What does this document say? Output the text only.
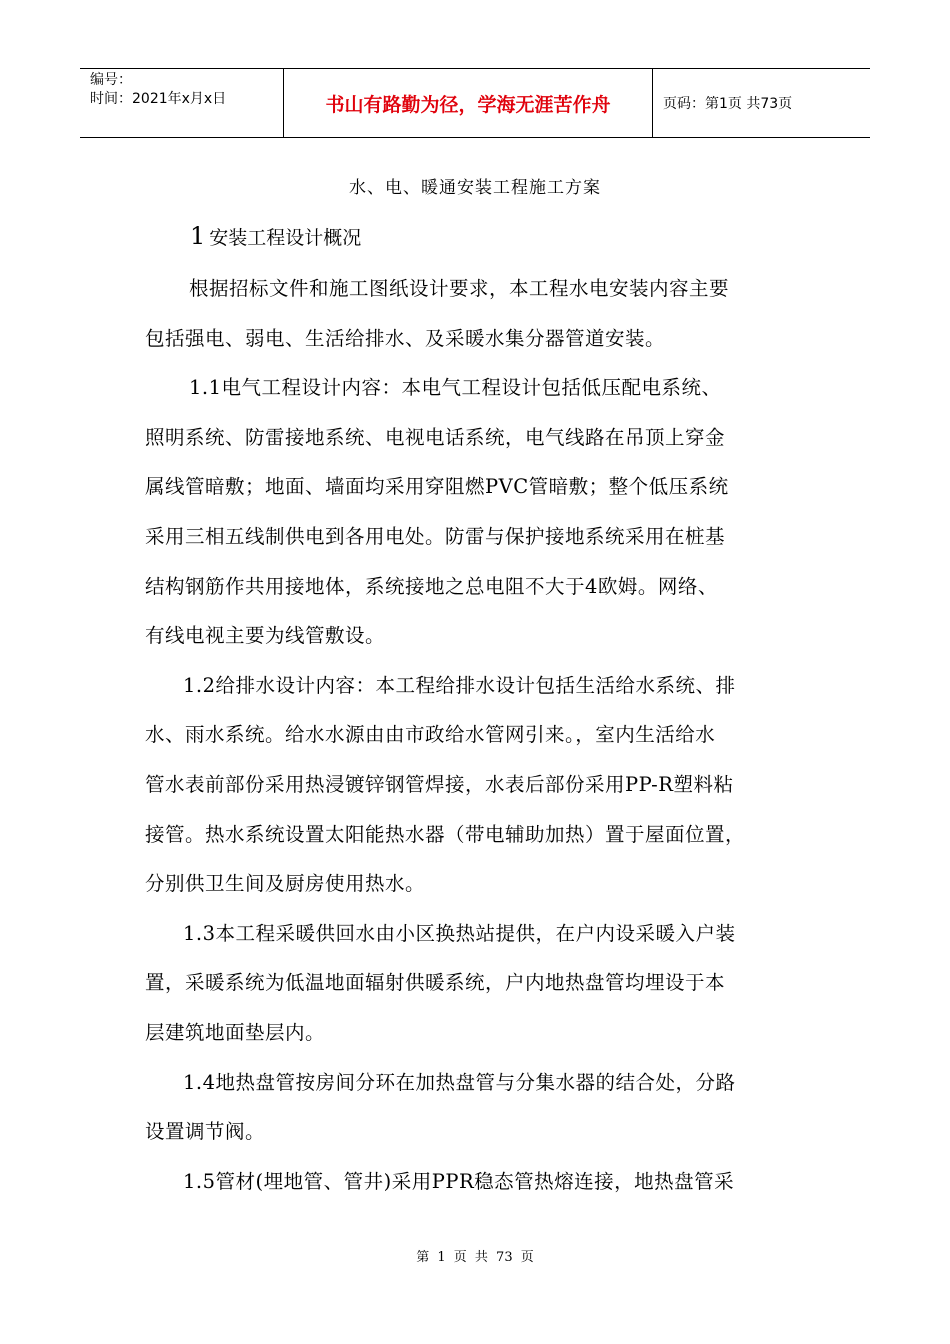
编号：
时间：2021年x月x日	书山有路勤为径，学海无涯苦作舟	页码：第1页 共73页
水、电、暖通安装工程施工方案
1 安装工程设计概况
根据招标文件和施工图纸设计要求，本工程水电安装内容主要
包括强电、弱电、生活给排水、及采暖水集分器管道安装。
1.1电气工程设计内容：本电气工程设计包括低压配电系统、
照明系统、防雷接地系统、电视电话系统，电气线路在吊顶上穿金
属线管暗敷；地面、墙面均采用穿阻燃PVC管暗敷；整个低压系统
采用三相五线制供电到各用电处。防雷与保护接地系统采用在桩基
结构钢筋作共用接地体，系统接地之总电阻不大于4欧姆。网络、
有线电视主要为线管敷设。
1.2给排水设计内容：本工程给排水设计包括生活给水系统、排
水、雨水系统。给水水源由由市政给水管网引来。，室内生活给水
管水表前部份采用热浸镀锌钢管焊接，水表后部份采用PP-R塑料粘
接管。热水系统设置太阳能热水器（带电辅助加热）置于屋面位置，
分别供卫生间及厨房使用热水。
1.3本工程采暖供回水由小区换热站提供，在户内设采暖入户装
置，采暖系统为低温地面辐射供暖系统，户内地热盘管均埋设于本
层建筑地面垫层内。
1.4地热盘管按房间分环在加热盘管与分集水器的结合处，分路
设置调节阀。
1.5管材(埋地管、管井)采用PPR稳态管热熔连接，地热盘管采
第 1 页 共 73 页
